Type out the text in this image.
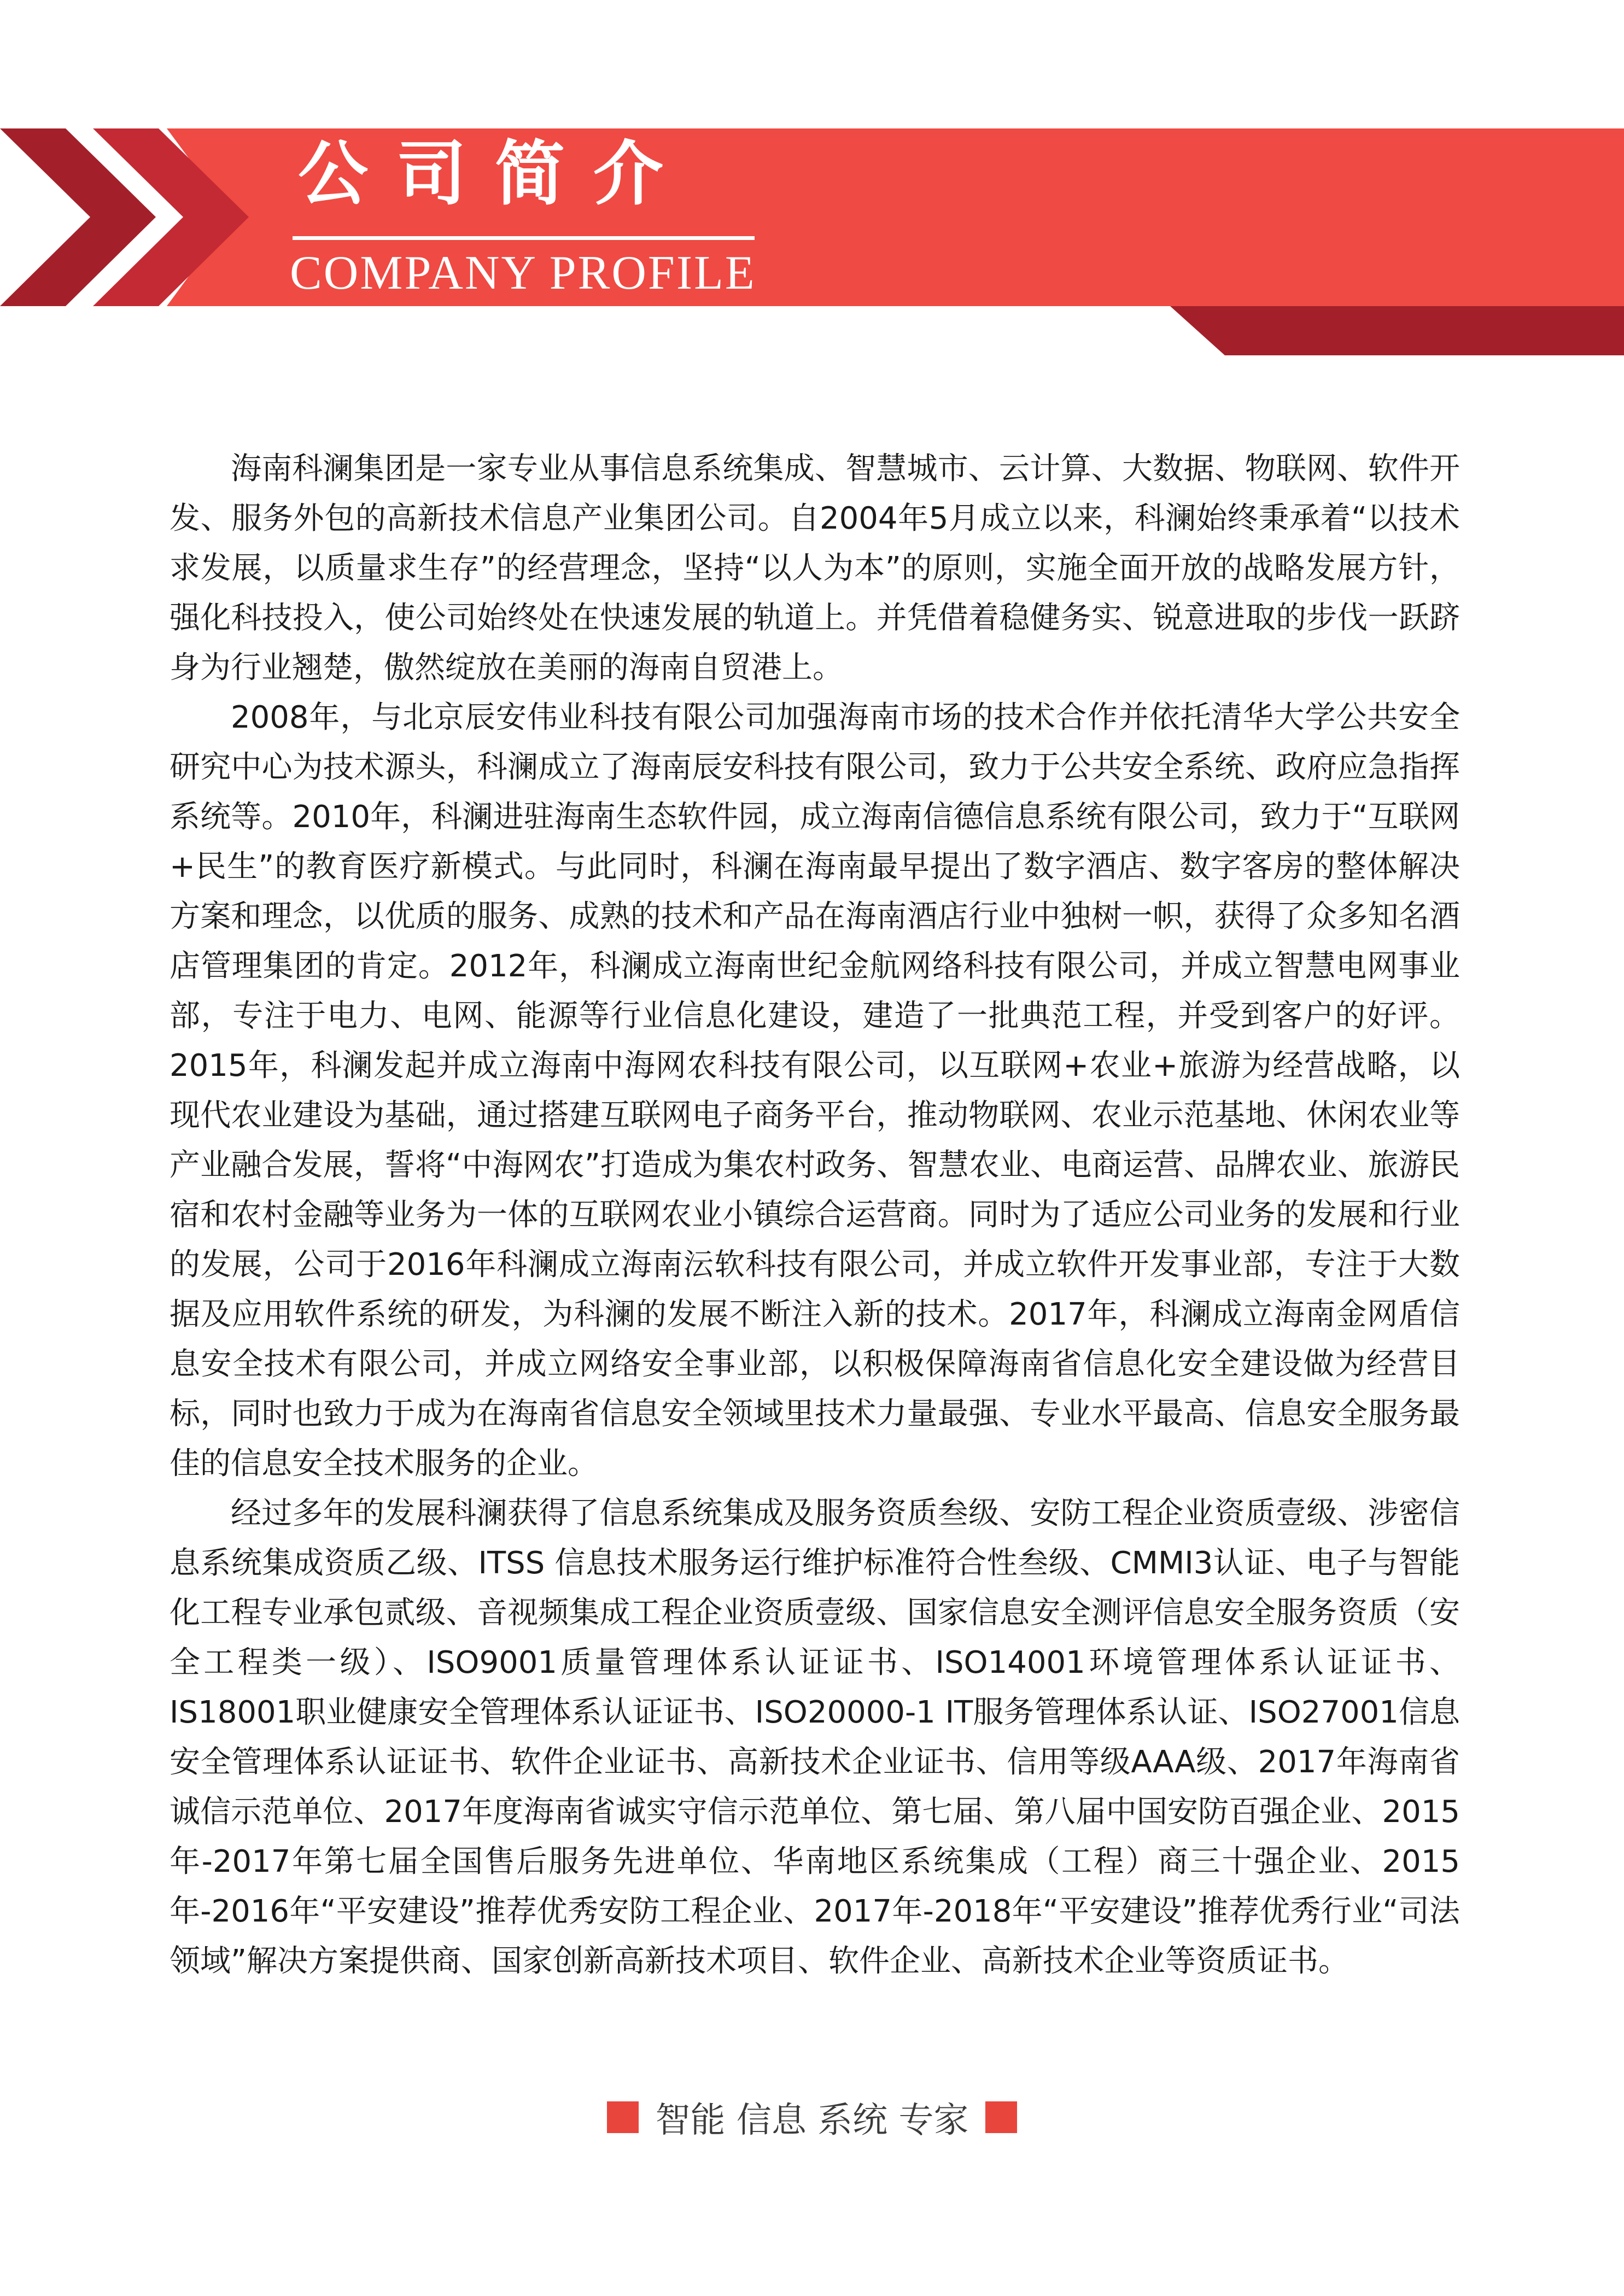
公司简介
COMPANY PROFILE

海南科澜集团是一家专业从事信息系统集成、智慧城市、云计算、大数据、物联网、软件开发、服务外包的高新技术信息产业集团公司。自2004年5月成立以来，科澜始终秉承着“以技术求发展，以质量求生存”的经营理念，坚持“以人为本”的原则，实施全面开放的战略发展方针，强化科技投入，使公司始终处在快速发展的轨道上。并凭借着稳健务实、锐意进取的步伐一跃跻身为行业翘楚，傲然绽放在美丽的海南自贸港上。

2008年，与北京辰安伟业科技有限公司加强海南市场的技术合作并依托清华大学公共安全研究中心为技术源头，科澜成立了海南辰安科技有限公司，致力于公共安全系统、政府应急指挥系统等。2010年，科澜进驻海南生态软件园，成立海南信德信息系统有限公司，致力于“互联网+民生”的教育医疗新模式。与此同时，科澜在海南最早提出了数字酒店、数字客房的整体解决方案和理念，以优质的服务、成熟的技术和产品在海南酒店行业中独树一帜，获得了众多知名酒店管理集团的肯定。2012年，科澜成立海南世纪金航网络科技有限公司，并成立智慧电网事业部，专注于电力、电网、能源等行业信息化建设，建造了一批典范工程，并受到客户的好评。2015年，科澜发起并成立海南中海网农科技有限公司，以互联网+农业+旅游为经营战略，以现代农业建设为基础，通过搭建互联网电子商务平台，推动物联网、农业示范基地、休闲农业等产业融合发展，誓将“中海网农”打造成为集农村政务、智慧农业、电商运营、品牌农业、旅游民宿和农村金融等业务为一体的互联网农业小镇综合运营商。同时为了适应公司业务的发展和行业的发展，公司于2016年科澜成立海南沄软科技有限公司，并成立软件开发事业部，专注于大数据及应用软件系统的研发，为科澜的发展不断注入新的技术。2017年，科澜成立海南金网盾信息安全技术有限公司，并成立网络安全事业部，以积极保障海南省信息化安全建设做为经营目标，同时也致力于成为在海南省信息安全领域里技术力量最强、专业水平最高、信息安全服务最佳的信息安全技术服务的企业。

经过多年的发展科澜获得了信息系统集成及服务资质叁级、安防工程企业资质壹级、涉密信息系统集成资质乙级、ITSS 信息技术服务运行维护标准符合性叁级、CMMI3认证、电子与智能化工程专业承包贰级、音视频集成工程企业资质壹级、国家信息安全测评信息安全服务资质（安全工程类一级）、ISO9001质量管理体系认证证书、ISO14001环境管理体系认证证书、IS18001职业健康安全管理体系认证证书、ISO20000-1 IT服务管理体系认证、ISO27001信息安全管理体系认证证书、软件企业证书、高新技术企业证书、信用等级AAA级、2017年海南省诚信示范单位、2017年度海南省诚实守信示范单位、第七届、第八届中国安防百强企业、2015年-2017年第七届全国售后服务先进单位、华南地区系统集成（工程）商三十强企业、2015年-2016年“平安建设”推荐优秀安防工程企业、2017年-2018年“平安建设”推荐优秀行业“司法领域”解决方案提供商、国家创新高新技术项目、软件企业、高新技术企业等资质证书。

智能 信息 系统 专家
